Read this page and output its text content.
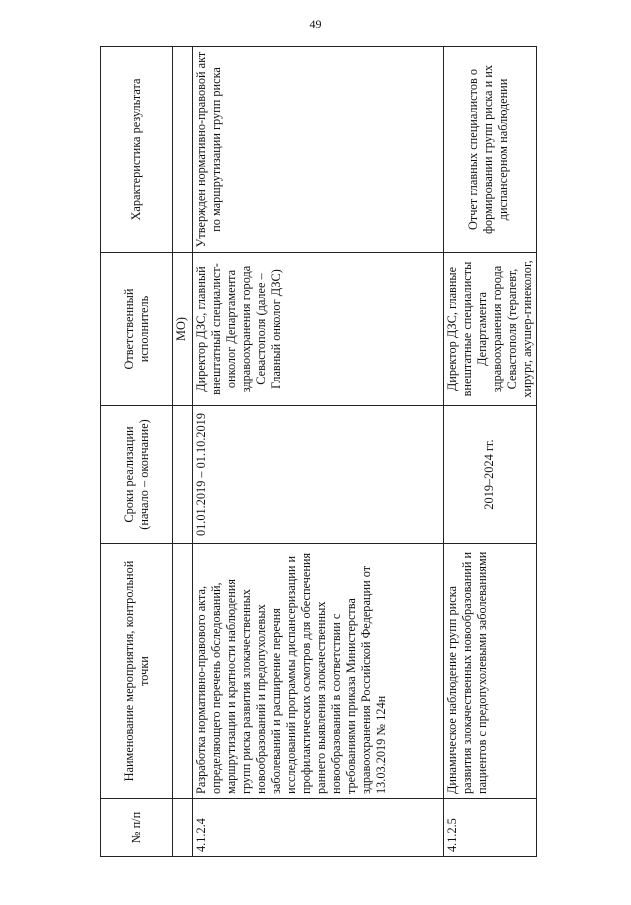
49
№ п/п	Наименование мероприятия, контрольной точки	Сроки реализации (начало – окончание)	Ответственный исполнитель	Характеристика результата
			МО)	
4.1.2.4	Разработка нормативно-правового акта, определяющего перечень обследований, маршрутизации и кратности наблюдения групп риска развития злокачественных новообразований и предопухолевых заболеваний и расширение перечня исследований программы диспансеризации и профилактических осмотров для обеспечения раннего выявления злокачественных новообразований в соответствии с требованиями приказа Министерства здравоохранения Российской Федерации от 13.03.2019 № 124н	01.01.2019 – 01.10.2019	Директор ДЗС, главный внештатный специалист-онколог Департамента здравоохранения города Севастополя (далее – Главный онколог ДЗС)	Утвержден нормативно-правовой акт по маршрутизации групп риска
4.1.2.5	Динамическое наблюдение групп риска развития злокачественных новообразований и пациентов с предопухолевыми заболеваниями	2019–2024 гг.	Директор ДЗС, главные внештатные специалисты Департамента здравоохранения города Севастополя (терапевт, хирург, акушер-гинеколог,	Отчет главных специалистов о формировании групп риска и их диспансерном наблюдении
